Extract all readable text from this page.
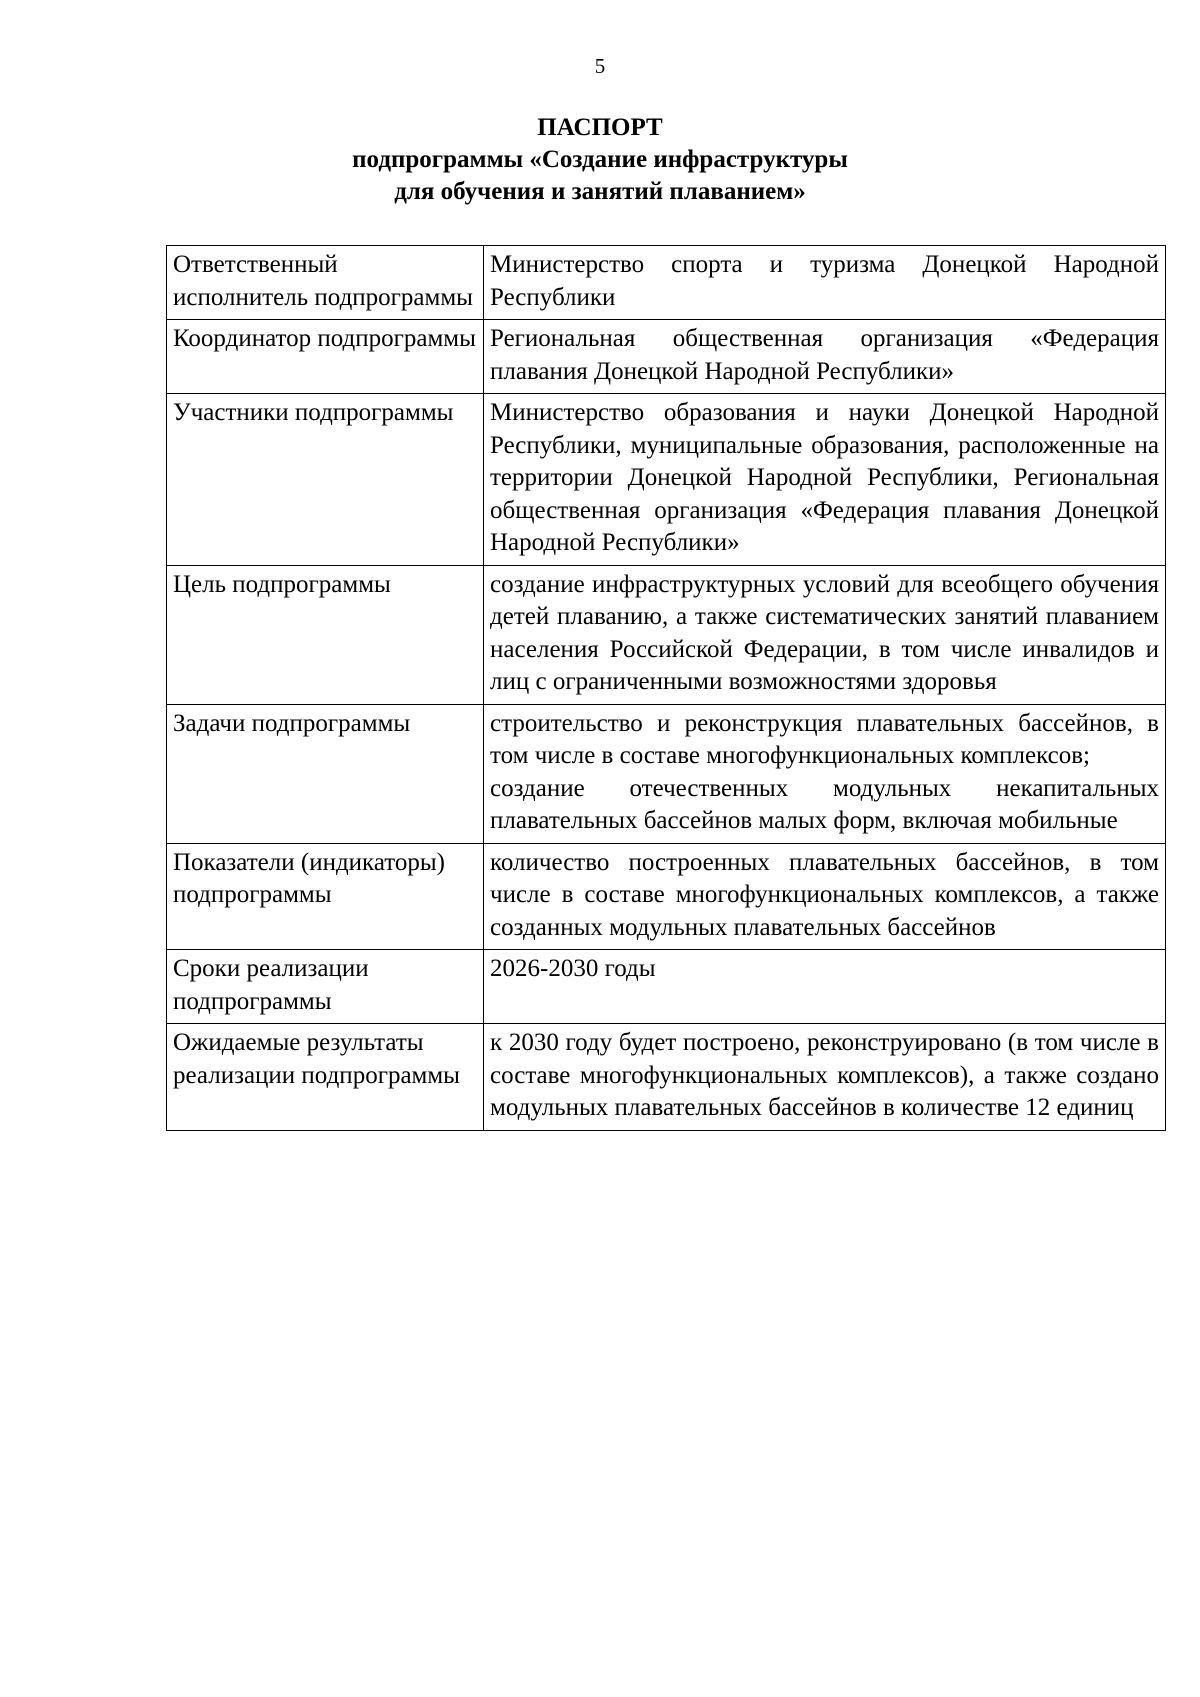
5
ПАСПОРТ
подпрограммы «Создание инфраструктуры
для обучения и занятий плаванием»
Ответственный исполнитель подпрограммы	Министерство спорта и туризма Донецкой Народной Республики

Координатор подпрограммы	Региональная общественная организация «Федерация плавания Донецкой Народной Республики»

Участники подпрограммы	Министерство образования и науки Донецкой Народной Республики, муниципальные образования, расположенные на территории Донецкой Народной Республики, Региональная общественная организация «Федерация плавания Донецкой Народной Республики»

Цель подпрограммы	создание инфраструктурных условий для всеобщего обучения детей плаванию, а также систематических занятий плаванием населения Российской Федерации, в том числе инвалидов и лиц с ограниченными возможностями здоровья

Задачи подпрограммы	строительство и реконструкция плавательных бассейнов, в том числе в составе многофункциональных комплексов;
создание отечественных модульных некапитальных плавательных бассейнов малых форм, включая мобильные

Показатели (индикаторы) подпрограммы	количество построенных плавательных бассейнов, в том числе в составе многофункциональных комплексов, а также созданных модульных плавательных бассейнов

Сроки реализации подпрограммы	2026-2030 годы

Ожидаемые результаты реализации подпрограммы	к 2030 году будет построено, реконструировано (в том числе в составе многофункциональных комплексов), а также создано модульных плавательных бассейнов в количестве 12 единиц
